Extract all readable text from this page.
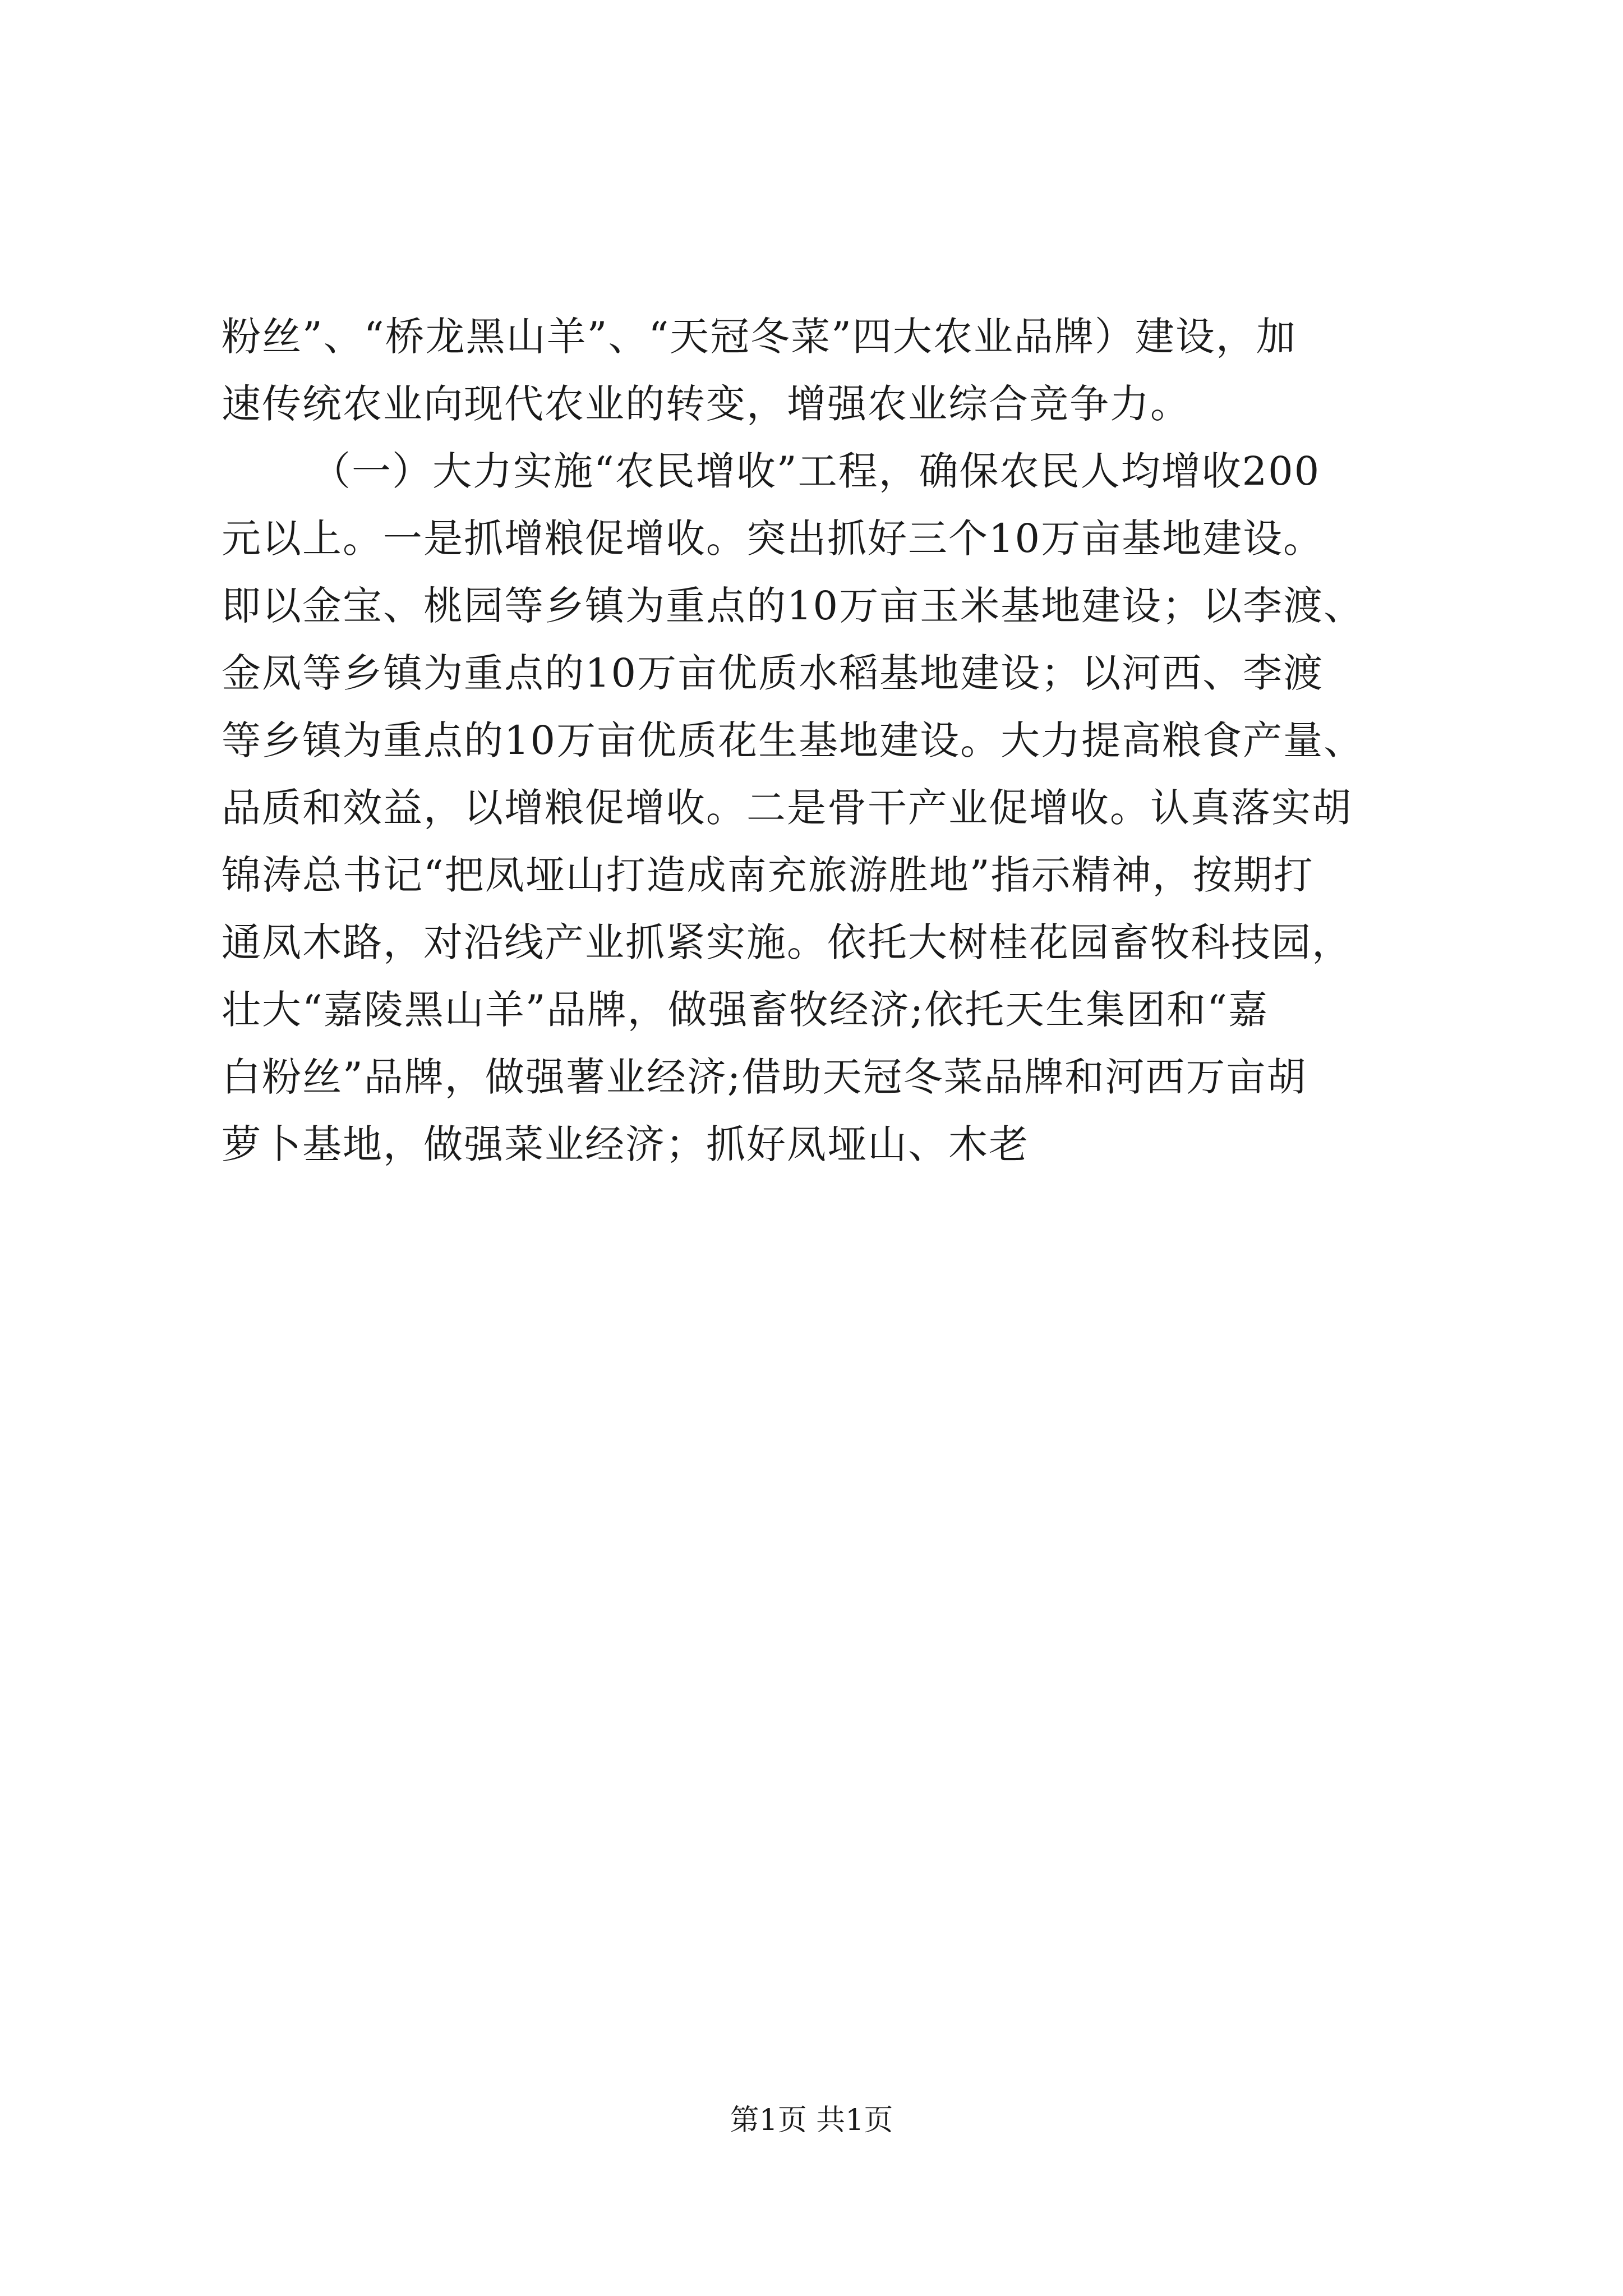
粉丝”、“桥龙黑山羊”、“天冠冬菜”四大农业品牌）建设，加
速传统农业向现代农业的转变，增强农业综合竞争力。
（一）大力实施“农民增收”工程，确保农民人均增收200
元以上。一是抓增粮促增收。突出抓好三个10万亩基地建设。
即以金宝、桃园等乡镇为重点的10万亩玉米基地建设；以李渡、
金凤等乡镇为重点的10万亩优质水稻基地建设；以河西、李渡
等乡镇为重点的10万亩优质花生基地建设。大力提高粮食产量、
品质和效益，以增粮促增收。二是骨干产业促增收。认真落实胡
锦涛总书记“把凤垭山打造成南充旅游胜地”指示精神，按期打
通凤木路，对沿线产业抓紧实施。依托大树桂花园畜牧科技园，
壮大“嘉陵黑山羊”品牌，做强畜牧经济;依托天生集团和“嘉
白粉丝”品牌，做强薯业经济;借助天冠冬菜品牌和河西万亩胡
萝卜基地，做强菜业经济；抓好凤垭山、木老
第1页 共1页
